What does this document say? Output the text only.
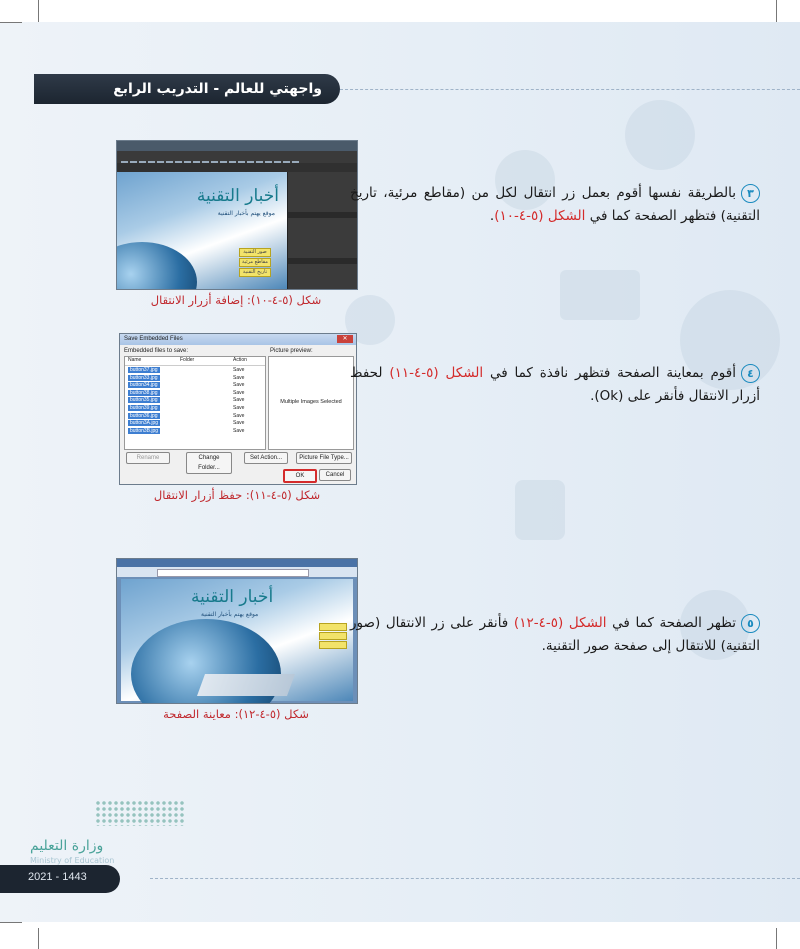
واجهتي للعالم - التدريب الرابع
أخبار التقنية
موقع يهتم بأخبار التقنية
صور التقنية
مقاطع مرئية
تاريخ التقنية
شكل (٥-٤-١٠): إضافة أزرار الانتقال
٣بالطريقة نفسها أقوم بعمل زر انتقال لكل من (مقاطع مرئية، تاريخ التقنية) فتظهر الصفحة كما في الشكل (٥-٤-١٠).
Save Embedded Files	✕
Embedded files to save:	Picture preview:
Name	Folder	Action
button37.jpg	Save
button33.jpg	Save
button34.jpg	Save
button38.jpg	Save
button35.jpg	Save
button39.jpg	Save
button36.jpg	Save
button3A.jpg	Save
button3B.jpg	Save
Multiple Images Selected
Rename	Change Folder...
Set Action...	Picture File Type...
OK	Cancel
شكل (٥-٤-١١): حفظ أزرار الانتقال
٤أقوم بمعاينة الصفحة فتظهر نافذة كما في الشكل (٥-٤-١١) لحفظ أزرار الانتقال فأنقر على (Ok).
أخبار التقنية
موقع يهتم بأخبار التقنية
شكل (٥-٤-١٢): معاينة الصفحة
٥تظهر الصفحة كما في الشكل (٥-٤-١٢) فأنقر على زر الانتقال (صور التقنية) للانتقال إلى صفحة صور التقنية.
وزارة التعليم
Ministry of Education
2021 - 1443
